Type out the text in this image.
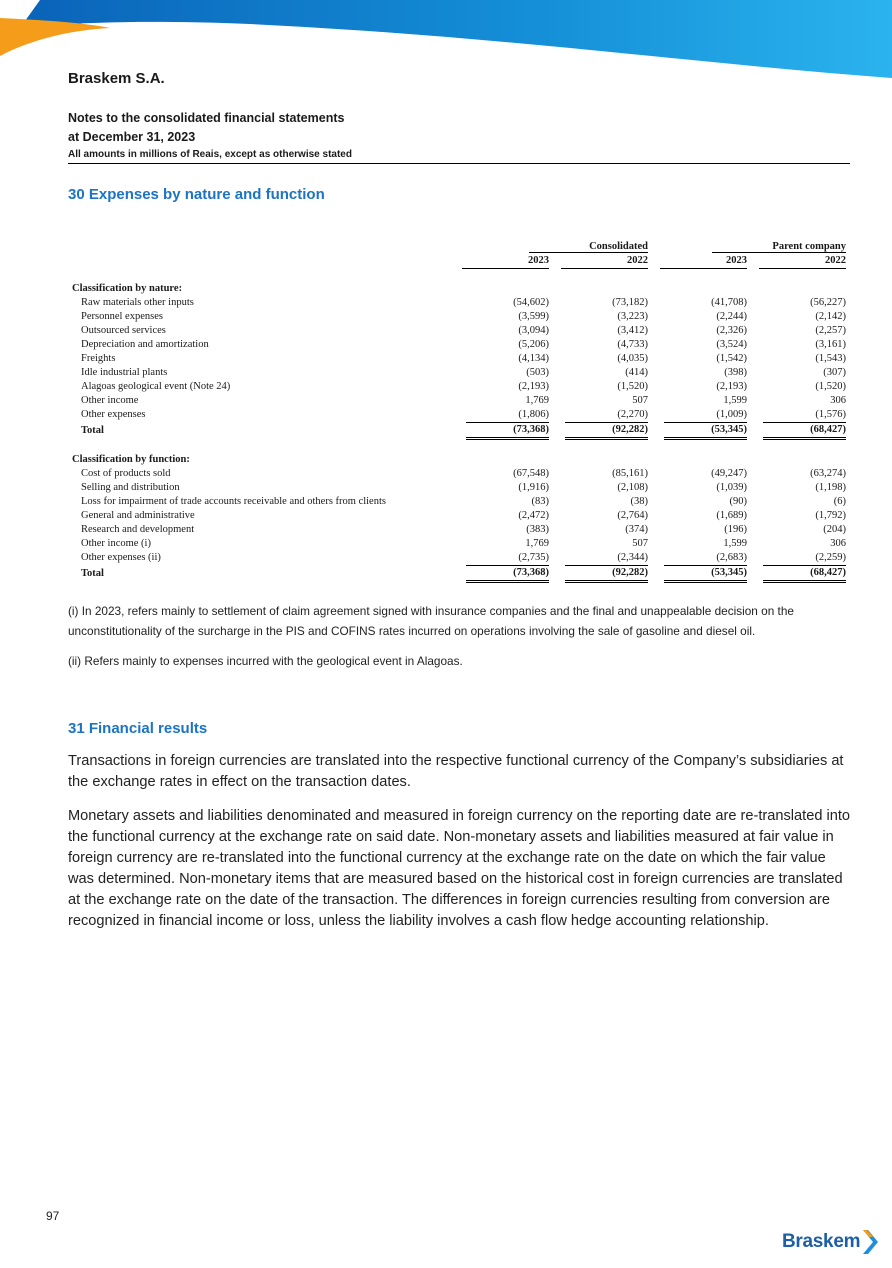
Braskem S.A.
Notes to the consolidated financial statements
at December 31, 2023
All amounts in millions of Reais, except as otherwise stated
30 Expenses by nature and function
	Consolidated		Parent company	

	2023	2022	2023	2022

Classification by nature:				
Raw materials other inputs	(54,602)	(73,182)	(41,708)	(56,227)
Personnel expenses	(3,599)	(3,223)	(2,244)	(2,142)
Outsourced services	(3,094)	(3,412)	(2,326)	(2,257)
Depreciation and amortization	(5,206)	(4,733)	(3,524)	(3,161)
Freights	(4,134)	(4,035)	(1,542)	(1,543)
Idle industrial plants	(503)	(414)	(398)	(307)
Alagoas geological event (Note 24)	(2,193)	(1,520)	(2,193)	(1,520)
Other income	1,769	507	1,599	306
Other expenses	(1,806)	(2,270)	(1,009)	(1,576)
Total	(73,368)	(92,282)	(53,345)	(68,427)

Classification by function:				
Cost of products sold	(67,548)	(85,161)	(49,247)	(63,274)
Selling and distribution	(1,916)	(2,108)	(1,039)	(1,198)
Loss for impairment of trade accounts receivable and others from clients	(83)	(38)	(90)	(6)
General and administrative	(2,472)	(2,764)	(1,689)	(1,792)
Research and development	(383)	(374)	(196)	(204)
Other income (i)	1,769	507	1,599	306
Other expenses (ii)	(2,735)	(2,344)	(2,683)	(2,259)
Total	(73,368)	(92,282)	(53,345)	(68,427)
(i) In 2023, refers mainly to settlement of claim agreement signed with insurance companies and the final and unappealable decision on the unconstitutionality of the surcharge in the PIS and COFINS rates incurred on operations involving the sale of gasoline and diesel oil.
(ii) Refers mainly to expenses incurred with the geological event in Alagoas.
31 Financial results
Transactions in foreign currencies are translated into the respective functional currency of the Company’s subsidiaries at the exchange rates in effect on the transaction dates.
Monetary assets and liabilities denominated and measured in foreign currency on the reporting date are re-translated into the functional currency at the exchange rate on said date. Non-monetary assets and liabilities measured at fair value in foreign currency are re-translated into the functional currency at the exchange rate on the date on which the fair value was determined. Non-monetary items that are measured based on the historical cost in foreign currencies are translated at the exchange rate on the date of the transaction. The differences in foreign currencies resulting from conversion are recognized in financial income or loss, unless the liability involves a cash flow hedge accounting relationship.
97
Braskem
